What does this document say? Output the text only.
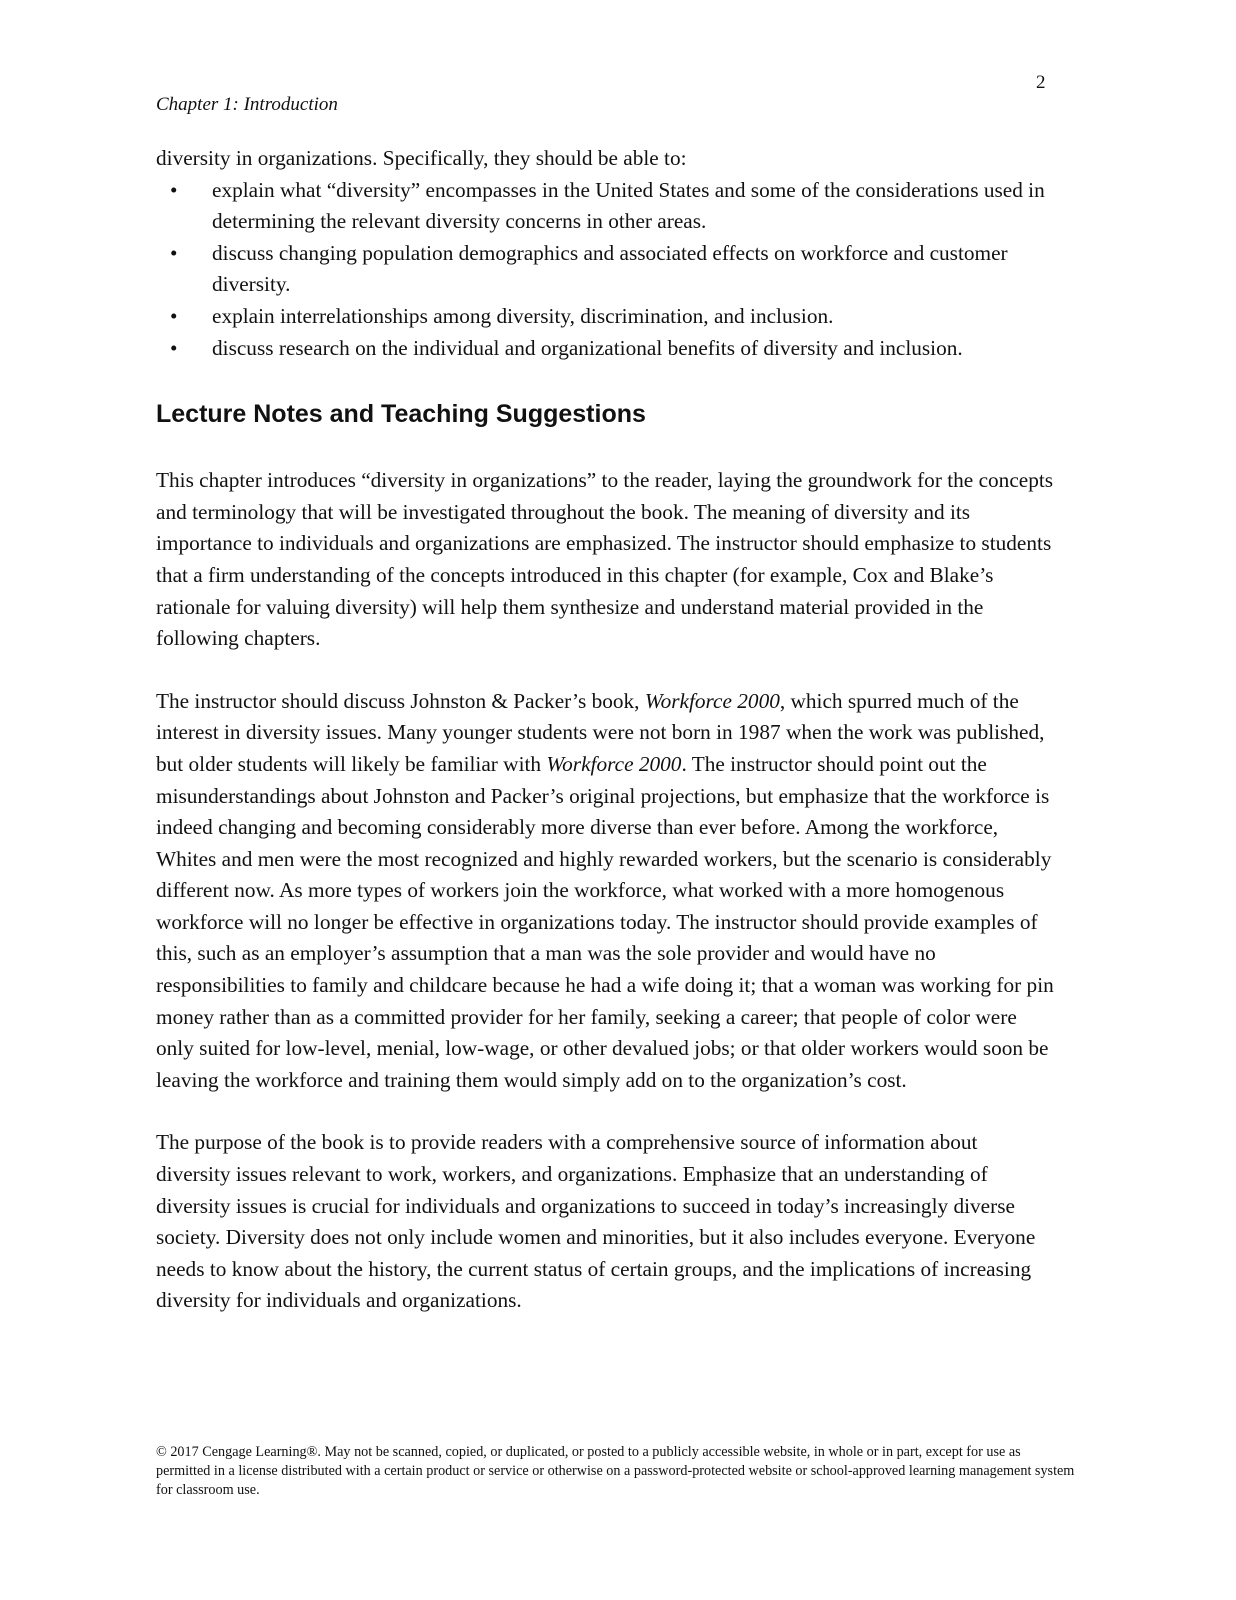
2
Chapter 1: Introduction

diversity in organizations. Specifically, they should be able to:

• explain what “diversity” encompasses in the United States and some of the considerations used in determining the relevant diversity concerns in other areas.
• discuss changing population demographics and associated effects on workforce and customer diversity.
• explain interrelationships among diversity, discrimination, and inclusion.
• discuss research on the individual and organizational benefits of diversity and inclusion.
Lecture Notes and Teaching Suggestions

This chapter introduces “diversity in organizations” to the reader, laying the groundwork for the concepts and terminology that will be investigated throughout the book. The meaning of diversity and its importance to individuals and organizations are emphasized. The instructor should emphasize to students that a firm understanding of the concepts introduced in this chapter (for example, Cox and Blake’s rationale for valuing diversity) will help them synthesize and understand material provided in the following chapters.

The instructor should discuss Johnston & Packer’s book, Workforce 2000, which spurred much of the interest in diversity issues. Many younger students were not born in 1987 when the work was published, but older students will likely be familiar with Workforce 2000. The instructor should point out the misunderstandings about Johnston and Packer’s original projections, but emphasize that the workforce is indeed changing and becoming considerably more diverse than ever before. Among the workforce, Whites and men were the most recognized and highly rewarded workers, but the scenario is considerably different now. As more types of workers join the workforce, what worked with a more homogenous workforce will no longer be effective in organizations today. The instructor should provide examples of this, such as an employer’s assumption that a man was the sole provider and would have no responsibilities to family and childcare because he had a wife doing it; that a woman was working for pin money rather than as a committed provider for her family, seeking a career; that people of color were only suited for low-level, menial, low-wage, or other devalued jobs; or that older workers would soon be leaving the workforce and training them would simply add on to the organization’s cost.

The purpose of the book is to provide readers with a comprehensive source of information about diversity issues relevant to work, workers, and organizations. Emphasize that an understanding of diversity issues is crucial for individuals and organizations to succeed in today’s increasingly diverse society. Diversity does not only include women and minorities, but it also includes everyone. Everyone needs to know about the history, the current status of certain groups, and the implications of increasing diversity for individuals and organizations.

© 2017 Cengage Learning®. May not be scanned, copied, or duplicated, or posted to a publicly accessible website, in whole or in part, except for use as permitted in a license distributed with a certain product or service or otherwise on a password-protected website or school-approved learning management system for classroom use.
